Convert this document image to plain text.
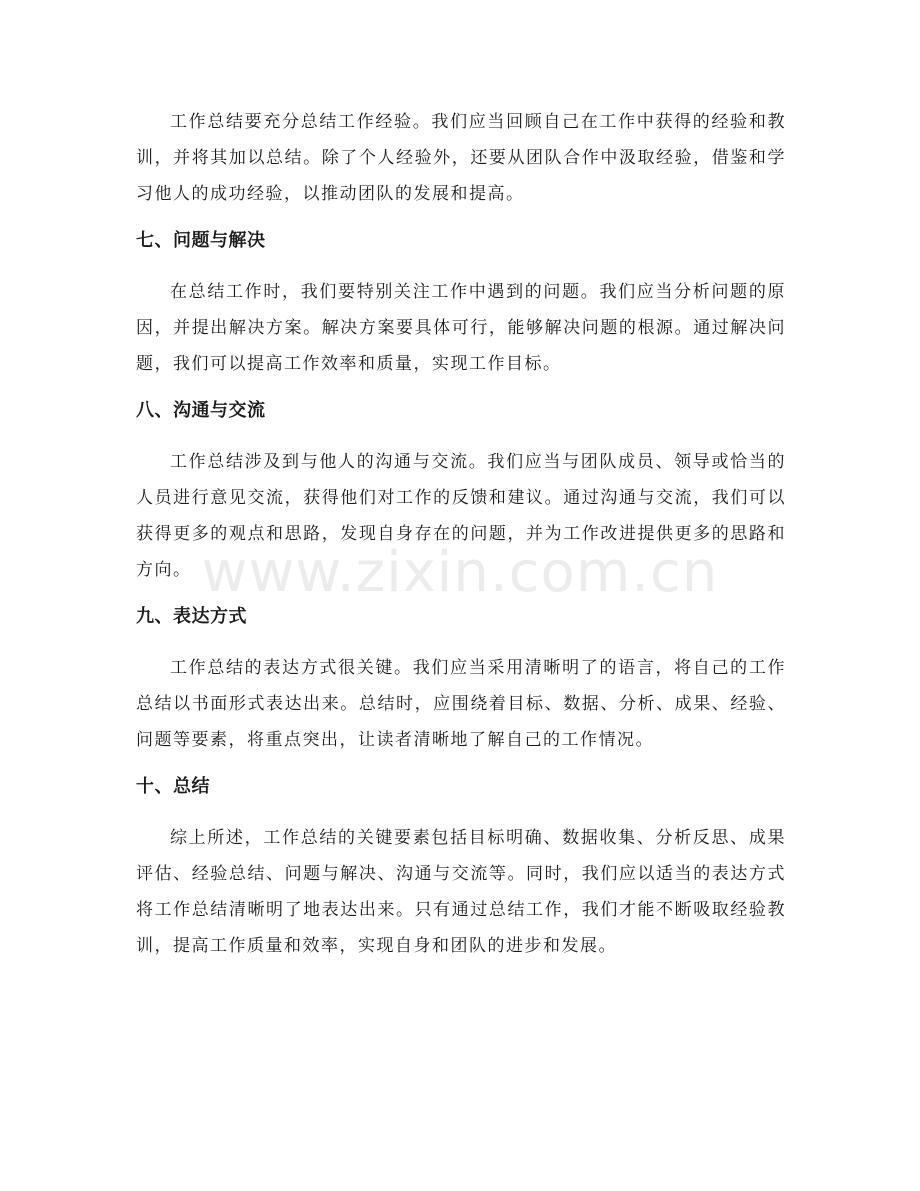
工作总结要充分总结工作经验。我们应当回顾自己在工作中获得的经验和教训，并将其加以总结。除了个人经验外，还要从团队合作中汲取经验，借鉴和学习他人的成功经验，以推动团队的发展和提高。

七、问题与解决

在总结工作时，我们要特别关注工作中遇到的问题。我们应当分析问题的原因，并提出解决方案。解决方案要具体可行，能够解决问题的根源。通过解决问题，我们可以提高工作效率和质量，实现工作目标。

八、沟通与交流

工作总结涉及到与他人的沟通与交流。我们应当与团队成员、领导或恰当的人员进行意见交流，获得他们对工作的反馈和建议。通过沟通与交流，我们可以获得更多的观点和思路，发现自身存在的问题，并为工作改进提供更多的思路和方向。

九、表达方式

工作总结的表达方式很关键。我们应当采用清晰明了的语言，将自己的工作总结以书面形式表达出来。总结时，应围绕着目标、数据、分析、成果、经验、问题等要素，将重点突出，让读者清晰地了解自己的工作情况。

十、总结

综上所述，工作总结的关键要素包括目标明确、数据收集、分析反思、成果评估、经验总结、问题与解决、沟通与交流等。同时，我们应以适当的表达方式将工作总结清晰明了地表达出来。只有通过总结工作，我们才能不断吸取经验教训，提高工作质量和效率，实现自身和团队的进步和发展。

www.zixin.com.cn
